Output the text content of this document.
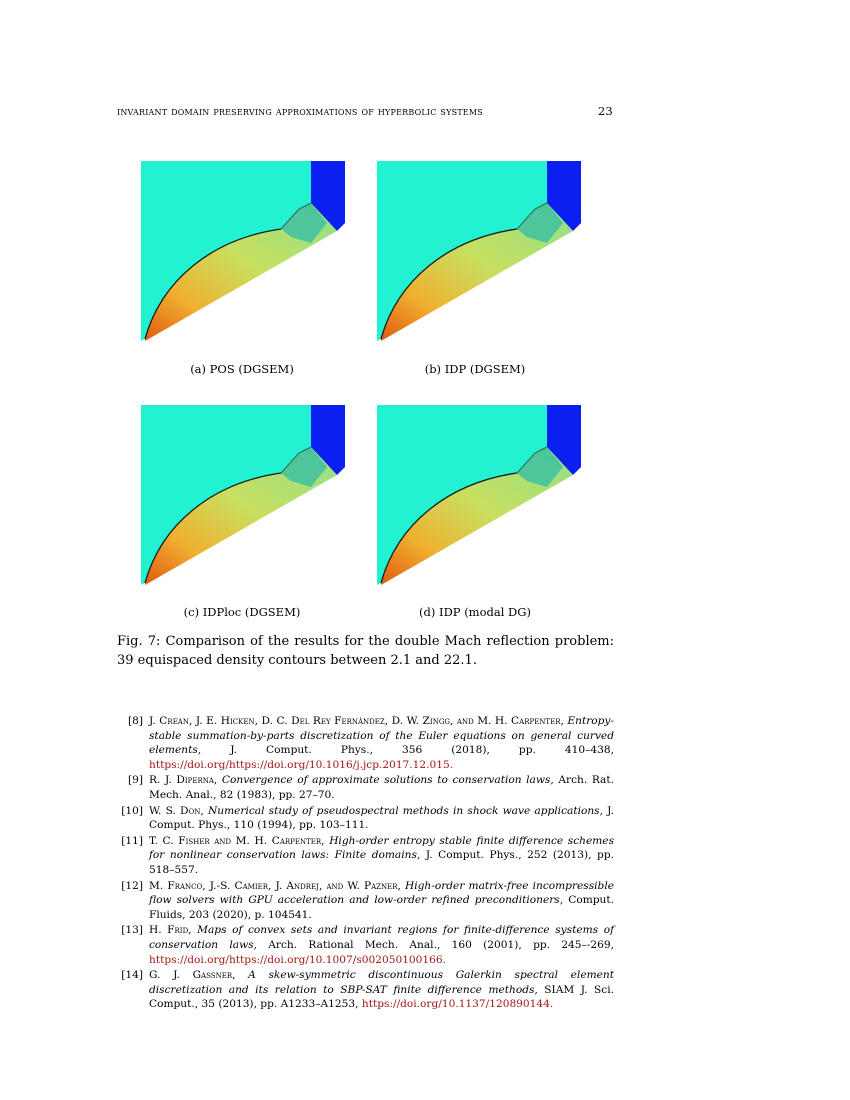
invariant domain preserving approximations of hyperbolic systems	23
(a) POS (DGSEM)	(b) IDP (DGSEM)
(c) IDPloc (DGSEM)	(d) IDP (modal DG)
Fig. 7: Comparison of the results for the double Mach reflection problem: 39 equispaced density contours between 2.1 and 22.1.
[8] J. Crean, J. E. Hicken, D. C. Del Rey Fernández, D. W. Zingg, and M. H. Carpenter, Entropy-stable summation-by-parts discretization of the Euler equations on general curved elements,	J. Comput. Phys., 356 (2018), pp. 410–438, https://doi.org/https://doi.org/10.1016/j.jcp.2017.12.015.
[9] R. J. Diperna, Convergence of approximate solutions to conservation laws, Arch. Rat. Mech. Anal., 82 (1983), pp. 27–70.
[10] W. S. Don, Numerical study of pseudospectral methods in shock wave applications, J. Comput. Phys., 110 (1994), pp. 103–111.
[11] T. C. Fisher and M. H. Carpenter, High-order entropy stable finite difference schemes for nonlinear conservation laws: Finite domains, J. Comput. Phys., 252 (2013), pp. 518–557.
[12] M. Franco, J.-S. Camier, J. Andrej, and W. Pazner, High-order matrix-free incompressible flow solvers with GPU acceleration and low-order refined preconditioners, Comput. Fluids, 203 (2020), p. 104541.
[13] H. Frid, Maps of convex sets and invariant regions for finite-difference systems of conservation laws, Arch. Rational Mech. Anal., 160 (2001), pp. 245–-269, https://doi.org/https://doi.org/10.1007/s002050100166.
[14] G. J. Gassner, A skew-symmetric discontinuous Galerkin spectral element discretization and its relation to SBP-SAT finite difference methods, SIAM J. Sci. Comput., 35 (2013), pp. A1233–A1253, https://doi.org/10.1137/120890144.
